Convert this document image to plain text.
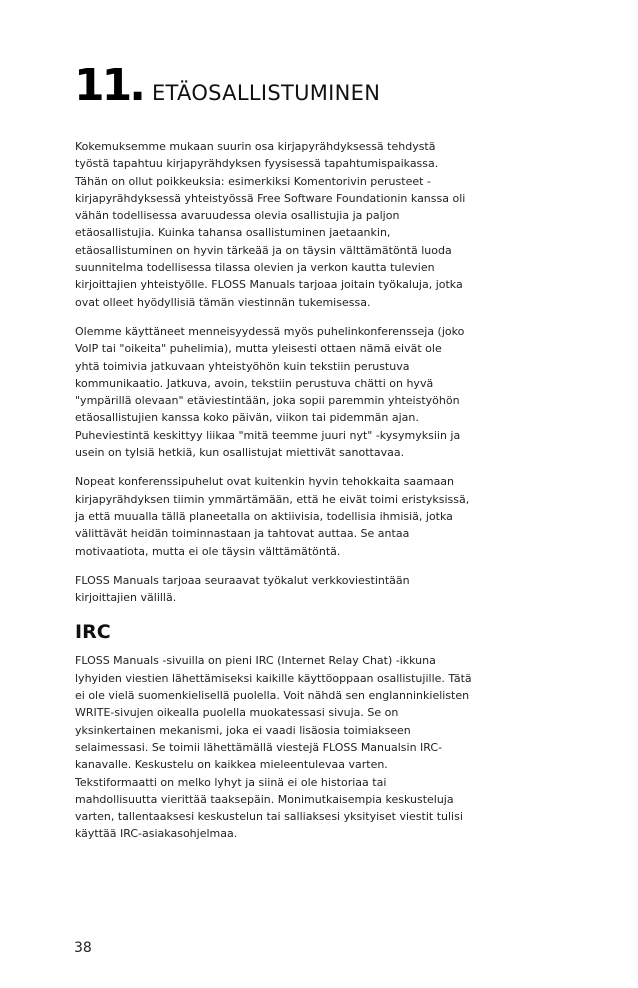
11. ETÄOSALLISTUMINEN

Kokemuksemme mukaan suurin osa kirjapyrähdyksessä tehdystä
työstä tapahtuu kirjapyrähdyksen fyysisessä tapahtumispaikassa.
Tähän on ollut poikkeuksia: esimerkiksi Komentorivin perusteet -
kirjapyrähdyksessä yhteistyössä Free Software Foundationin kanssa oli
vähän todellisessa avaruudessa olevia osallistujia ja paljon
etäosallistujia. Kuinka tahansa osallistuminen jaetaankin,
etäosallistuminen on hyvin tärkeää ja on täysin välttämätöntä luoda
suunnitelma todellisessa tilassa olevien ja verkon kautta tulevien
kirjoittajien yhteistyölle. FLOSS Manuals tarjoaa joitain työkaluja, jotka
ovat olleet hyödyllisiä tämän viestinnän tukemisessa.

Olemme käyttäneet menneisyydessä myös puhelinkonferensseja (joko
VoIP tai "oikeita" puhelimia), mutta yleisesti ottaen nämä eivät ole
yhtä toimivia jatkuvaan yhteistyöhön kuin tekstiin perustuva
kommunikaatio. Jatkuva, avoin, tekstiin perustuva chätti on hyvä
"ympärillä olevaan" etäviestintään, joka sopii paremmin yhteistyöhön
etäosallistujien kanssa koko päivän, viikon tai pidemmän ajan.
Puheviestintä keskittyy liikaa "mitä teemme juuri nyt" -kysymyksiin ja
usein on tylsiä hetkiä, kun osallistujat miettivät sanottavaa.

Nopeat konferenssipuhelut ovat kuitenkin hyvin tehokkaita saamaan
kirjapyrähdyksen tiimin ymmärtämään, että he eivät toimi eristyksissä,
ja että muualla tällä planeetalla on aktiivisia, todellisia ihmisiä, jotka
välittävät heidän toiminnastaan ja tahtovat auttaa. Se antaa
motivaatiota, mutta ei ole täysin välttämätöntä.

FLOSS Manuals tarjoaa seuraavat työkalut verkkoviestintään
kirjoittajien välillä.

IRC

FLOSS Manuals -sivuilla on pieni IRC (Internet Relay Chat) -ikkuna
lyhyiden viestien lähettämiseksi kaikille käyttöoppaan osallistujille. Tätä
ei ole vielä suomenkielisellä puolella. Voit nähdä sen englanninkielisten
WRITE-sivujen oikealla puolella muokatessasi sivuja. Se on
yksinkertainen mekanismi, joka ei vaadi lisäosia toimiakseen
selaimessasi. Se toimii lähettämällä viestejä FLOSS Manualsin IRC-
kanavalle. Keskustelu on kaikkea mieleentulevaa varten.
Tekstiformaatti on melko lyhyt ja siinä ei ole historiaa tai
mahdollisuutta vierittää taaksepäin. Monimutkaisempia keskusteluja
varten, tallentaaksesi keskustelun tai salliaksesi yksityiset viestit tulisi
käyttää IRC-asiakasohjelmaa.

38
